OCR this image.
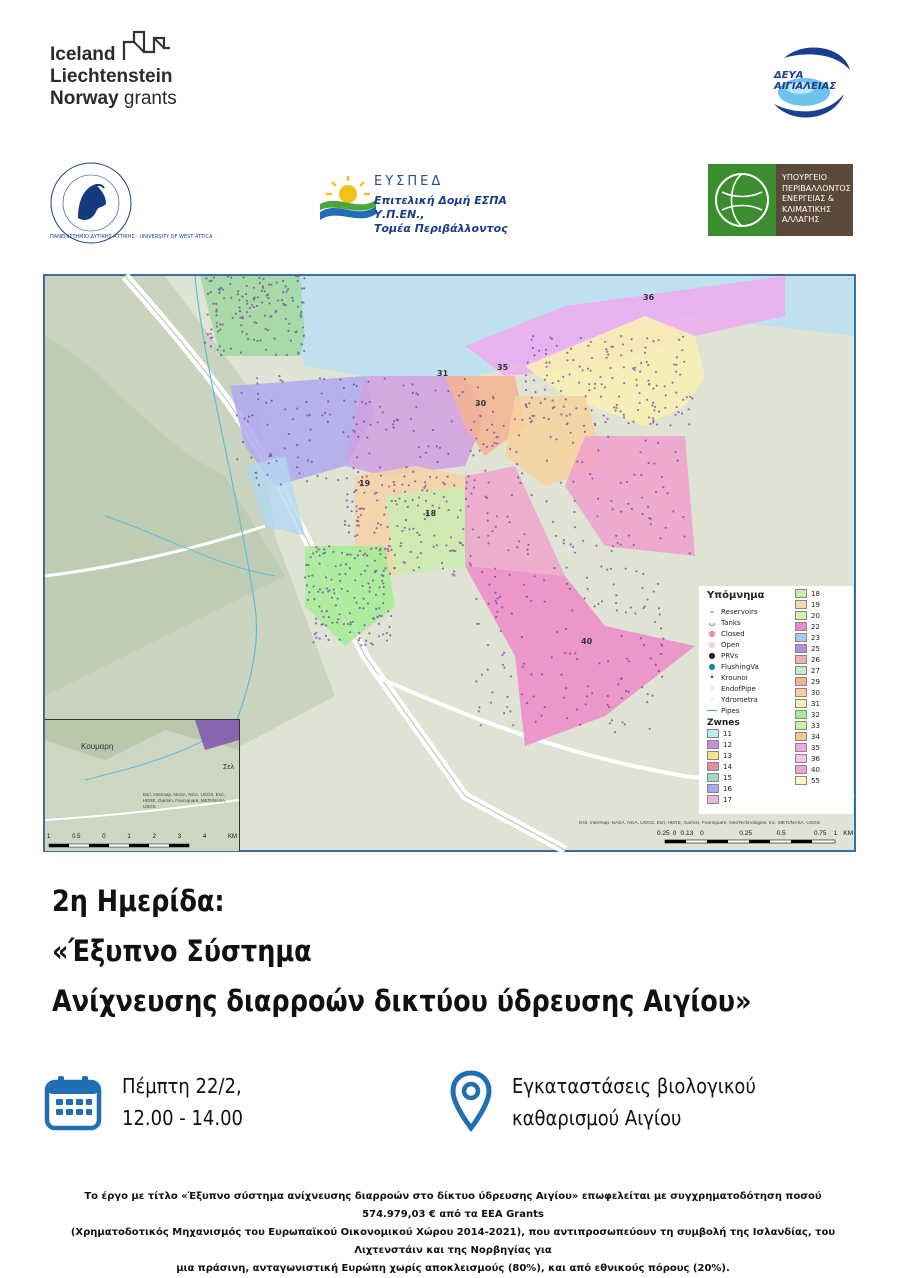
Iceland
Liechtenstein
Norway grants
ΔΕΥΑ ΑΙΓΙΑΛΕΙΑΣ
ΠΑΝΕΠΙΣΤΗΜΙΟ ΔΥΤΙΚΗΣ ΑΤΤΙΚΗΣ · UNIVERSITY OF WEST ATTICA
ΕΥΣΠΕΔ
Επιτελική Δομή ΕΣΠΑ Υ.Π.ΕΝ.,
Τομέα Περιβάλλοντος
ΥΠΟΥΡΓΕΙΟ
ΠΕΡΙΒΑΛΛΟΝΤΟΣ
ΕΝΕΡΓΕΙΑΣ &
ΚΛΙΜΑΤΙΚΗΣ
ΑΛΛΑΓΗΣ
36
35
31
30
19
18
40
Κουμαρη
Σελ
Esri, Intermap, NASA, NGA, USGS, Esri, HERE, Garmin, Foursquare, METI/NASA, USGS
1	0.5	0	1	2	3	4	KM
Esri, Intermap, NASA, NGA, USGS, Esri, HERE, Garmin, Foursquare, GeoTechnologies, Inc, METI/NASA, USGS
0.25 0 0.13	0	0.25	0.5	0.75	1 KM
Υπόμνημα
⌣ Reservoirs
◡ Tanks
● Closed
● Open
● PRVs
● FlushingVa
• Krounoi
·	EndofPipe
·	Ydrometra
Pipes
Zwnes
11
12
13
14
15
16
17
18
19
20
22
23
25
26
27
29
30
31
32
33
34
35
36
40
55
2η Ημερίδα:
«Έξυπνο Σύστημα
Ανίχνευσης διαρροών δικτύου ύδρευσης Αιγίου»
Πέμπτη 22/2,
12.00 - 14.00
Εγκαταστάσεις βιολογικού
καθαρισμού Αιγίου
Το έργο με τίτλο «Έξυπνο σύστημα ανίχνευσης διαρροών στο δίκτυο ύδρευσης Αιγίου» επωφελείται με συγχρηματοδότηση ποσού 574.979,03 € από τα EEA Grants
(Χρηματοδοτικός Μηχανισμός του Ευρωπαϊκού Οικονομικού Χώρου 2014-2021), που αντιπροσωπεύουν τη συμβολή της Ισλανδίας, του Λιχτενστάιν και της Νορβηγίας για
μια πράσινη, ανταγωνιστική Ευρώπη χωρίς αποκλεισμούς (80%), και από εθνικούς πόρους (20%).
